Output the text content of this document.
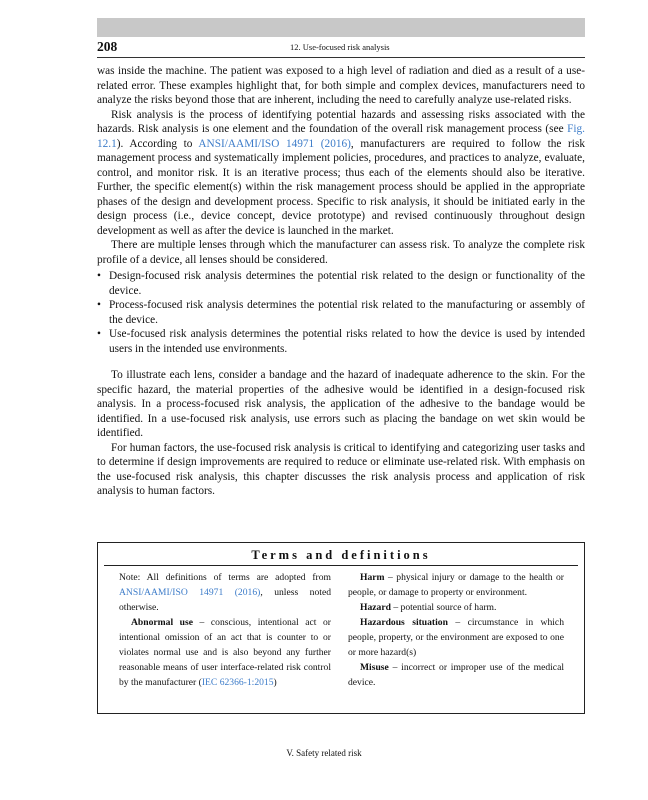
208	12. Use-focused risk analysis

was inside the machine. The patient was exposed to a high level of radiation and died as a result of a use-related error. These examples highlight that, for both simple and complex devices, manufacturers need to analyze the risks beyond those that are inherent, including the need to carefully analyze use-related risks.

Risk analysis is the process of identifying potential hazards and assessing risks associated with the hazards. Risk analysis is one element and the foundation of the overall risk management process (see Fig. 12.1). According to ANSI/AAMI/ISO 14971 (2016), manufacturers are required to follow the risk management process and systematically implement policies, procedures, and practices to analyze, evaluate, control, and monitor risk. It is an iterative process; thus each of the elements should also be iterative. Further, the specific element(s) within the risk management process should be applied in the appropriate phases of the design and development process. Specific to risk analysis, it should be initiated early in the design process (i.e., device concept, device prototype) and revised continuously throughout design development as well as after the device is launched in the market.

There are multiple lenses through which the manufacturer can assess risk. To analyze the complete risk profile of a device, all lenses should be considered.

• Design-focused risk analysis determines the potential risk related to the design or functionality of the device.
• Process-focused risk analysis determines the potential risk related to the manufacturing or assembly of the device.
• Use-focused risk analysis determines the potential risks related to how the device is used by intended users in the intended use environments.

To illustrate each lens, consider a bandage and the hazard of inadequate adherence to the skin. For the specific hazard, the material properties of the adhesive would be identified in a design-focused risk analysis. In a process-focused risk analysis, the application of the adhesive to the bandage would be identified. In a use-focused risk analysis, use errors such as placing the bandage on wet skin would be identified.

For human factors, the use-focused risk analysis is critical to identifying and categorizing user tasks and to determine if design improvements are required to reduce or eliminate use-related risk. With emphasis on the use-focused risk analysis, this chapter discusses the risk analysis process and application of risk analysis to human factors.

Terms and definitions

Note: All definitions of terms are adopted from ANSI/AAMI/ISO 14971 (2016), unless noted otherwise.

Abnormal use – conscious, intentional act or intentional omission of an act that is counter to or violates normal use and is also beyond any further reasonable means of user interface-related risk control by the manufacturer (IEC 62366-1:2015)

Harm – physical injury or damage to the health or people, or damage to property or environment.

Hazard – potential source of harm.

Hazardous situation – circumstance in which people, property, or the environment are exposed to one or more hazard(s)

Misuse – incorrect or improper use of the medical device.

V. Safety related risk
